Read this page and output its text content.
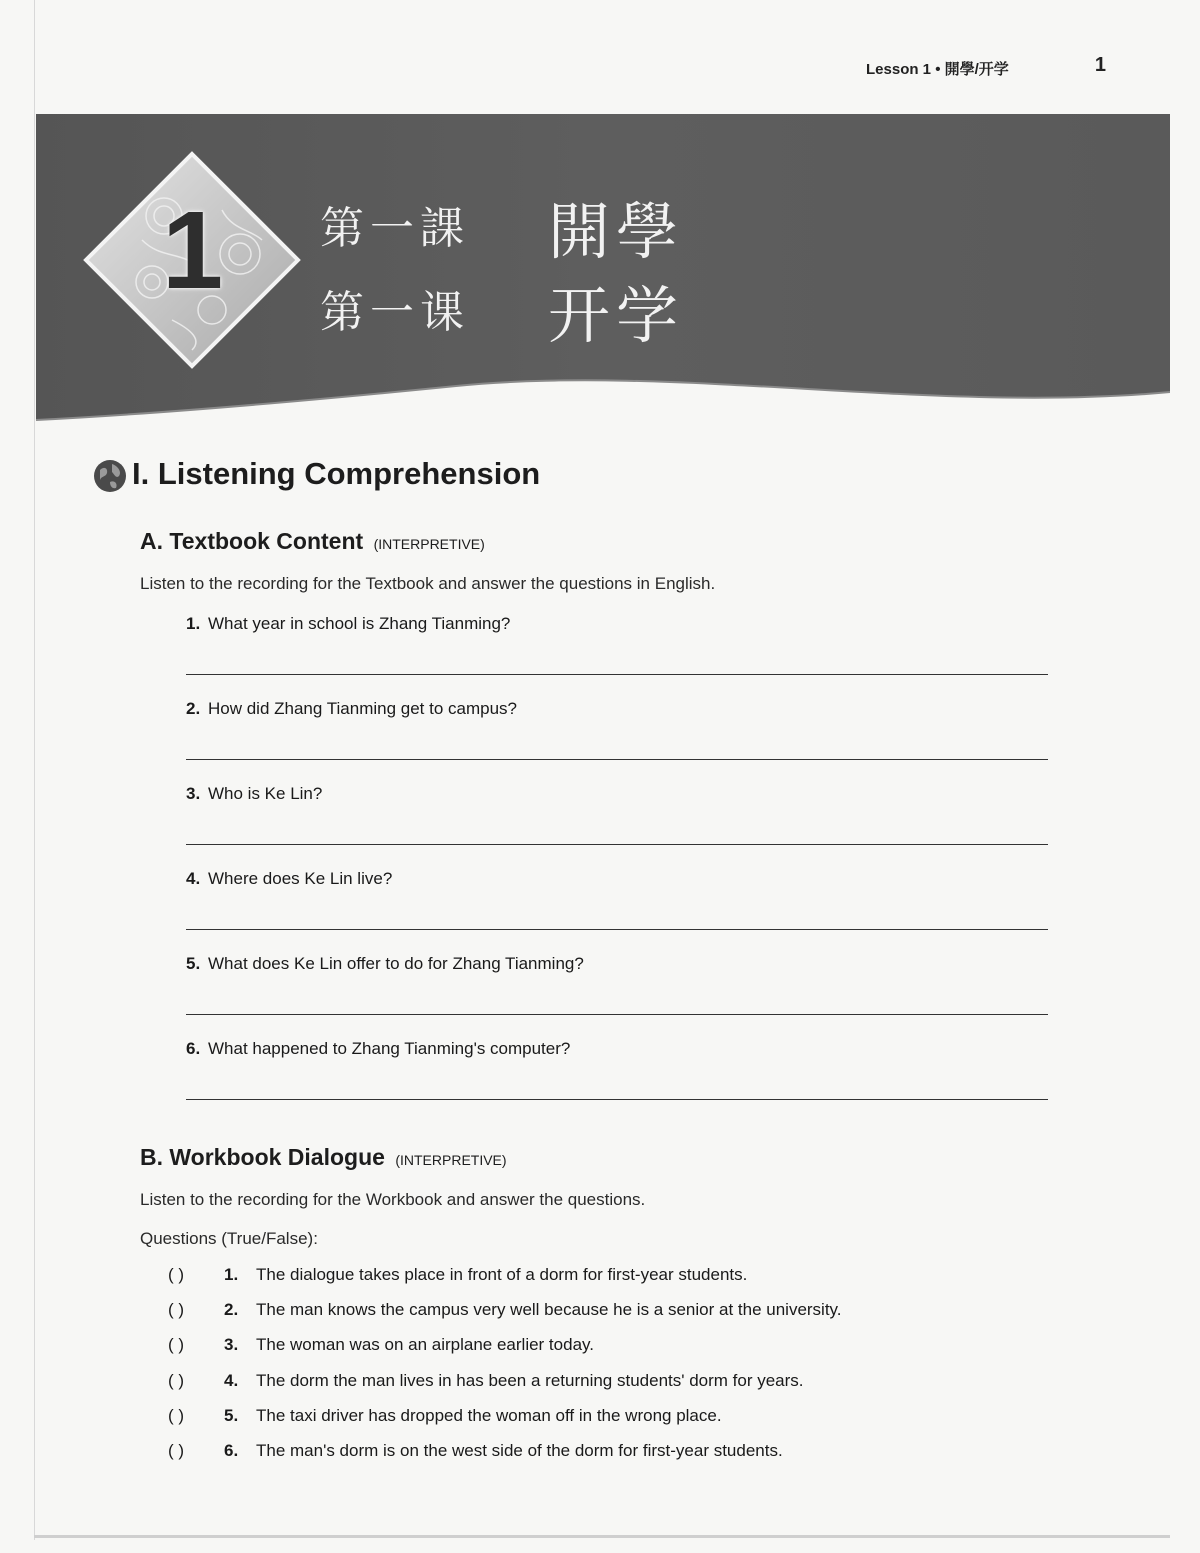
Lesson 1 • 開學/开学	1
1 第一課 開學
第一课 开学
I. Listening Comprehension
A. Textbook Content (INTERPRETIVE)
Listen to the recording for the Textbook and answer the questions in English.
1. What year in school is Zhang Tianming?
2. How did Zhang Tianming get to campus?
3. Who is Ke Lin?
4. Where does Ke Lin live?
5. What does Ke Lin offer to do for Zhang Tianming?
6. What happened to Zhang Tianming's computer?
B. Workbook Dialogue (INTERPRETIVE)
Listen to the recording for the Workbook and answer the questions.
Questions (True/False):
( )	1. The dialogue takes place in front of a dorm for first-year students.
( )	2. The man knows the campus very well because he is a senior at the university.
( )	3. The woman was on an airplane earlier today.
( )	4. The dorm the man lives in has been a returning students' dorm for years.
( )	5. The taxi driver has dropped the woman off in the wrong place.
( )	6. The man's dorm is on the west side of the dorm for first-year students.
